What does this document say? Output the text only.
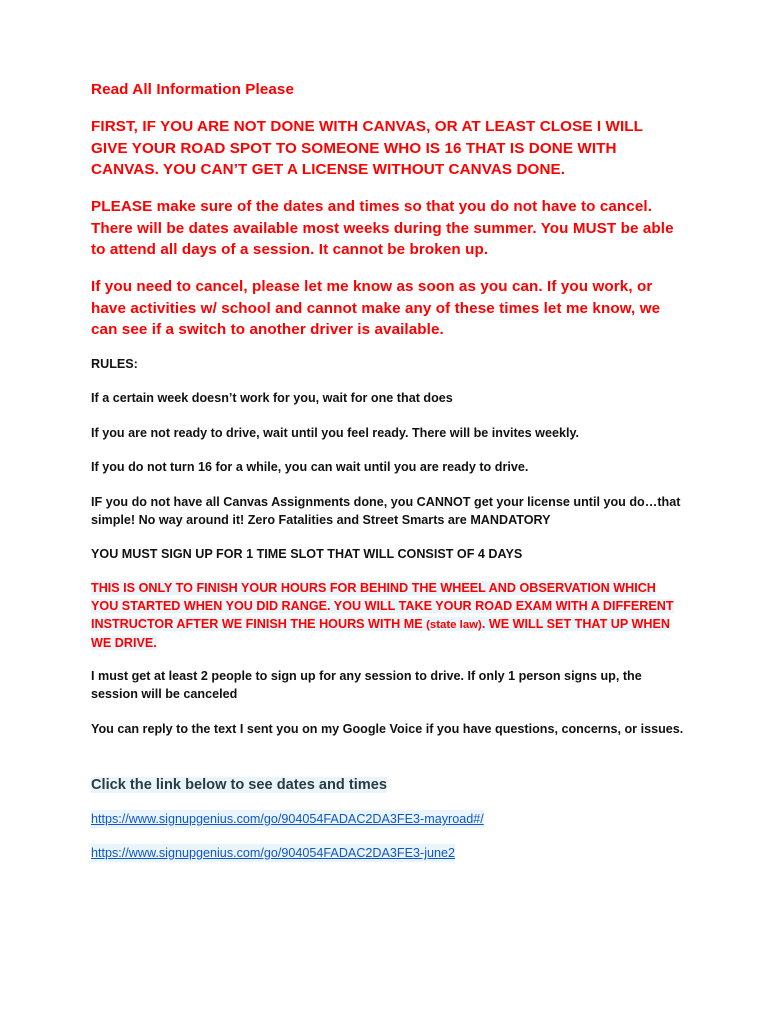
Read All Information Please

FIRST, IF YOU ARE NOT DONE WITH CANVAS, OR AT LEAST CLOSE I WILL GIVE YOUR ROAD SPOT TO SOMEONE WHO IS 16 THAT IS DONE WITH CANVAS. YOU CAN’T GET A LICENSE WITHOUT CANVAS DONE.

PLEASE make sure of the dates and times so that you do not have to cancel. There will be dates available most weeks during the summer. You MUST be able to attend all days of a session. It cannot be broken up.

If you need to cancel, please let me know as soon as you can. If you work, or have activities w/ school and cannot make any of these times let me know, we can see if a switch to another driver is available.

RULES:

If a certain week doesn’t work for you, wait for one that does

If you are not ready to drive, wait until you feel ready. There will be invites weekly.

If you do not turn 16 for a while, you can wait until you are ready to drive.

IF you do not have all Canvas Assignments done, you CANNOT get your license until you do…that simple! No way around it! Zero Fatalities and Street Smarts are MANDATORY

YOU MUST SIGN UP FOR 1 TIME SLOT THAT WILL CONSIST OF 4 DAYS

THIS IS ONLY TO FINISH YOUR HOURS FOR BEHIND THE WHEEL AND OBSERVATION WHICH YOU STARTED WHEN YOU DID RANGE. YOU WILL TAKE YOUR ROAD EXAM WITH A DIFFERENT INSTRUCTOR AFTER WE FINISH THE HOURS WITH ME (state law). WE WILL SET THAT UP WHEN WE DRIVE.

I must get at least 2 people to sign up for any session to drive. If only 1 person signs up, the session will be canceled

You can reply to the text I sent you on my Google Voice if you have questions, concerns, or issues.

Click the link below to see dates and times

https://www.signupgenius.com/go/904054FADAC2DA3FE3-mayroad#/
https://www.signupgenius.com/go/904054FADAC2DA3FE3-june2
